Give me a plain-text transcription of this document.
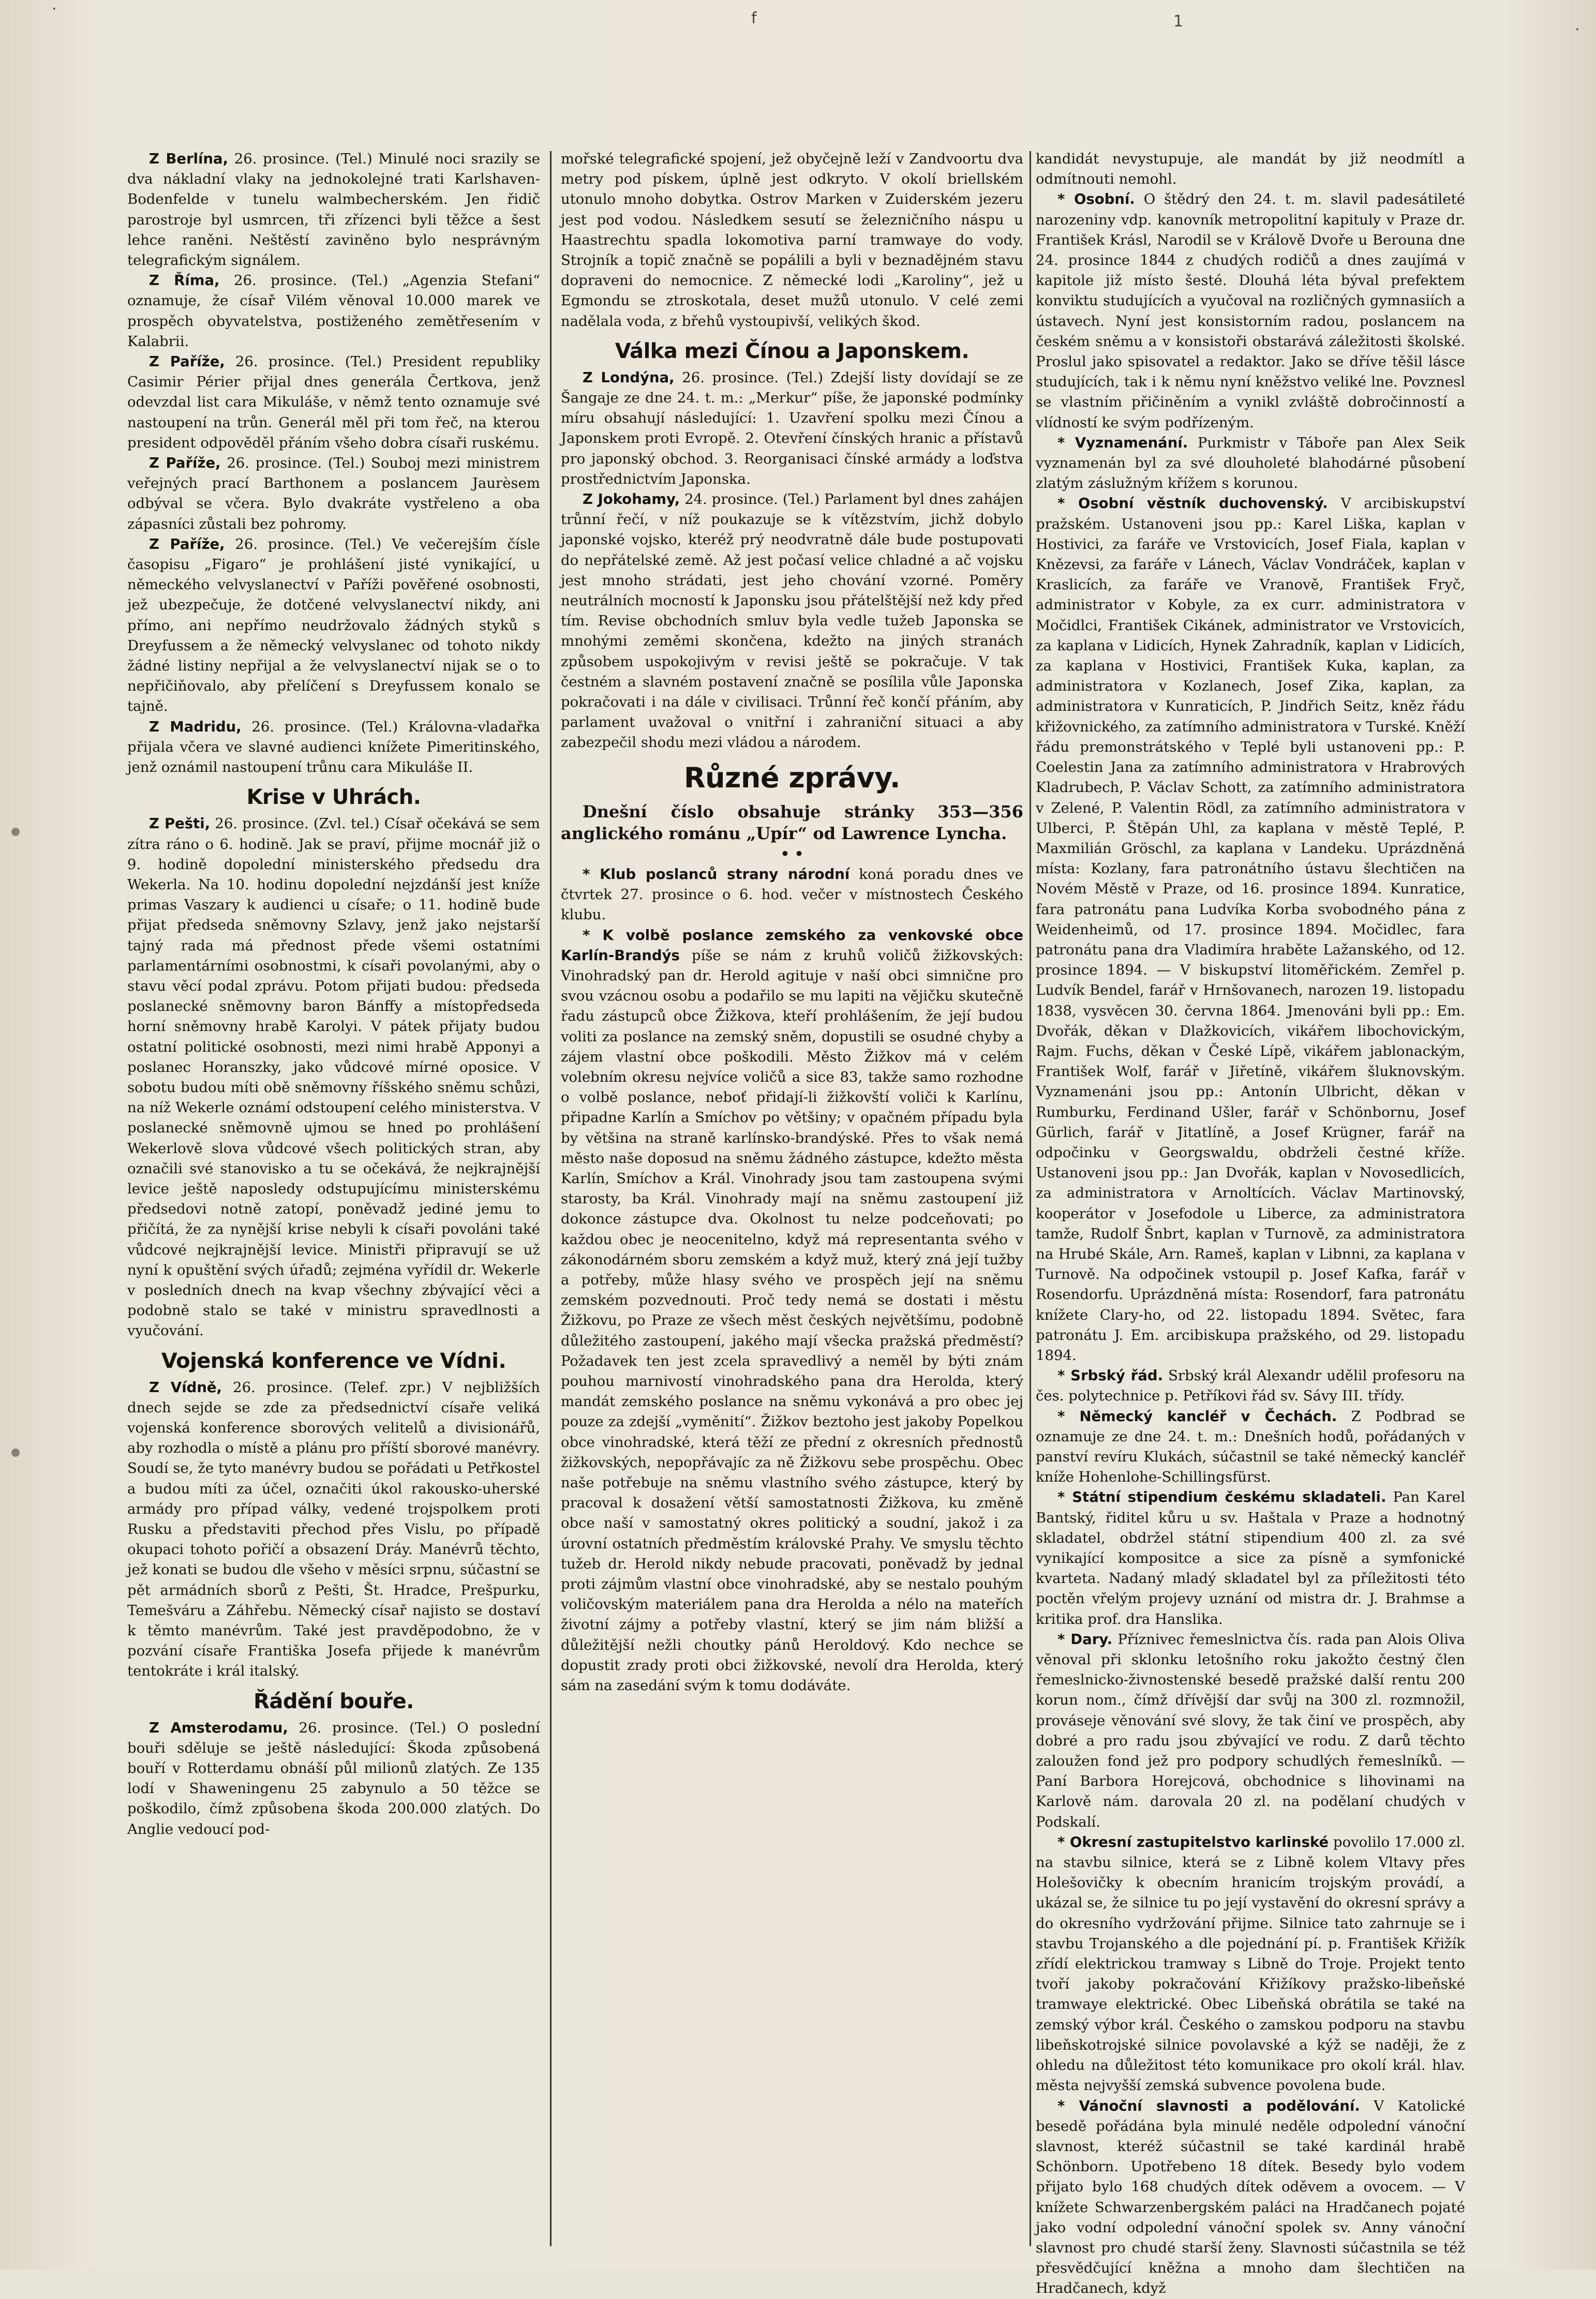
·
f	1	·

Z Berlína, 26. prosince. (Tel.) Minulé noci srazily se dva nákladní vlaky na jednokolejné trati Karlshaven-Bodenfelde v tunelu walmbecherském. Jen řidič parostroje byl usmrcen, tři zřízenci byli těžce a šest lehce raněni. Neštěstí zaviněno bylo nesprávným telegrafickým signálem.

Z Říma, 26. prosince. (Tel.) „Agenzia Stefani“ oznamuje, že císař Vilém věnoval 10.000 marek ve prospěch obyvatelstva, postiženého zemětřesením v Kalabrii.

Z Paříže, 26. prosince. (Tel.) President republiky Casimir Périer přijal dnes generála Čertkova, jenž odevzdal list cara Mikuláše, v němž tento oznamuje své nastoupení na trůn. Generál měl při tom řeč, na kterou president odpověděl přáním všeho dobra císaři ruskému.

Z Paříže, 26. prosince. (Tel.) Souboj mezi ministrem veřejných prací Barthonem a poslancem Jaurèsem odbýval se včera. Bylo dvakráte vystřeleno a oba zápasníci zůstali bez pohromy.

Z Paříže, 26. prosince. (Tel.) Ve večerejším čísle časopisu „Figaro“ je prohlášení jisté vynikající, u německého velvyslanectví v Paříži pověřené osobnosti, jež ubezpečuje, že dotčené velvyslanectví nikdy, ani přímo, ani nepřímo neudržovalo žádných styků s Dreyfussem a že německý velvyslanec od tohoto nikdy žádné listiny nepřijal a že velvyslanectví nijak se o to nepřičiňovalo, aby přelíčení s Dreyfussem konalo se tajně.

Z Madridu, 26. prosince. (Tel.) Královna-vladařka přijala včera ve slavné audienci knížete Pimeritinského, jenž oznámil nastoupení trůnu cara Mikuláše II.

Krise v Uhrách.

Z Pešti, 26. prosince. (Zvl. tel.) Císař očekává se sem zítra ráno o 6. hodině. Jak se praví, přijme mocnář již o 9. hodině dopolední ministerského předsedu dra Wekerla. Na 10. hodinu dopolední nejzdánší jest kníže primas Vaszary k audienci u císaře; o 11. hodině bude přijat předseda sněmovny Szlavy, jenž jako nejstarší tajný rada má přednost přede všemi ostatními parlamentárními osobnostmi, k císaři povolanými, aby o stavu věcí podal zprávu. Potom přijati budou: předseda poslanecké sněmovny baron Bánffy a místopředseda horní sněmovny hrabě Karolyi. V pátek přijaty budou ostatní politické osobnosti, mezi nimi hrabě Apponyi a poslanec Horanszky, jako vůdcové mírné oposice. V sobotu budou míti obě sněmovny říšského sněmu schůzi, na níž Wekerle oznámí odstoupení celého ministerstva. V poslanecké sněmovně ujmou se hned po prohlášení Wekerlově slova vůdcové všech politických stran, aby označili své stanovisko a tu se očekává, že nejkrajnější levice ještě naposledy odstupujícímu ministerskému předsedovi notně zatopí, poněvadž jediné jemu to přičítá, že za nynější krise nebyli k císaři povoláni také vůdcové nejkrajnější levice. Ministři připravují se už nyní k opuštění svých úřadů; zejména vyřídil dr. Wekerle v posledních dnech na kvap všechny zbývající věci a podobně stalo se také v ministru spravedlnosti a vyučování.

Vojenská konference ve Vídni.

Z Vídně, 26. prosince. (Telef. zpr.) V nejbližších dnech sejde se zde za předsednictví císaře veliká vojenská konference sborových velitelů a divisionářů, aby rozhodla o místě a plánu pro příští sborové manévry. Soudí se, že tyto manévry budou se pořádati u Petřkostel a budou míti za účel, označiti úkol rakousko-uherské armády pro případ války, vedené trojspolkem proti Rusku a představiti přechod přes Vislu, po případě okupaci tohoto pořičí a obsazení Dráy. Manévrů těchto, jež konati se budou dle všeho v měsíci srpnu, súčastní se pět armádních sborů z Pešti, Št. Hradce, Prešpurku, Temešváru a Záhřebu. Německý císař najisto se dostaví k těmto manévrům. Také jest pravděpodobno, že v pozvání císaře Františka Josefa přijede k manévrům tentokráte i král italský.

Řádění bouře.

Z Amsterodamu, 26. prosince. (Tel.) O poslední bouři sděluje se ještě následující: Škoda způsobená bouří v Rotterdamu obnáší půl milionů zlatých. Ze 135 lodí v Shaweningenu 25 zabynulo a 50 těžce se poškodilo, čímž způsobena škoda 200.000 zlatých. Do Anglie vedoucí pod-

mořské telegrafické spojení, jež obyčejně leží v Zandvoortu dva metry pod pískem, úplně jest odkryto. V okolí briellském utonulo mnoho dobytka. Ostrov Marken v Zuiderském jezeru jest pod vodou. Následkem sesutí se železničního náspu u Haastrechtu spadla lokomotiva parní tramwaye do vody. Strojník a topič značně se popálili a byli v beznadějném stavu dopraveni do nemocnice. Z německé lodi „Karoliny“, jež u Egmondu se ztroskotala, deset mužů utonulo. V celé zemi nadělala voda, z břehů vystoupivší, velikých škod.

Válka mezi Čínou a Japonskem.

Z Londýna, 26. prosince. (Tel.) Zdejší listy dovídají se ze Šangaje ze dne 24. t. m.: „Merkur“ píše, že japonské podmínky míru obsahují následující: 1. Uzavření spolku mezi Čínou a Japonskem proti Evropě. 2. Otevření čínských hranic a přístavů pro japonský obchod. 3. Reorganisaci čínské armády a loďstva prostřednictvím Japonska.

Z Jokohamy, 24. prosince. (Tel.) Parlament byl dnes zahájen trůnní řečí, v níž poukazuje se k vítězstvím, jichž dobylo japonské vojsko, kteréž prý neodvratně dále bude postupovati do nepřátelské země. Až jest počasí velice chladné a ač vojsku jest mnoho strádati, jest jeho chování vzorné. Poměry neutrálních mocností k Japonsku jsou přátelštější než kdy před tím. Revise obchodních smluv byla vedle tužeb Japonska se mnohými zeměmi skončena, kdežto na jiných stranách způsobem uspokojivým v revisi ještě se pokračuje. V tak čestném a slavném postavení značně se posílila vůle Japonska pokračovati i na dále v civilisaci. Trůnní řeč končí přáním, aby parlament uvažoval o vnitřní i zahraniční situaci a aby zabezpečil shodu mezi vládou a národem.

Různé zprávy.

Dnešní číslo obsahuje stránky 353—356 anglického románu „Upír“ od Lawrence Lyncha.

• •

* Klub poslanců strany národní koná poradu dnes ve čtvrtek 27. prosince o 6. hod. večer v místnostech Českého klubu.

* K volbě poslance zemského za venkovské obce Karlín-Brandýs píše se nám z kruhů voličů žižkovských: Vinohradský pan dr. Herold agituje v naší obci simnične pro svou vzácnou osobu a podařilo se mu lapiti na vějičku skutečně řadu zástupců obce Žižkova, kteří prohlášením, že její budou voliti za poslance na zemský sněm, dopustili se osudné chyby a zájem vlastní obce poškodili. Město Žižkov má v celém volebním okresu nejvíce voličů a sice 83, takže samo rozhodne o volbě poslance, neboť přidají-li žižkovští voliči k Karlínu, připadne Karlín a Smíchov po většiny; v opačném případu byla by většina na straně karlínsko-brandýské. Přes to však nemá město naše doposud na sněmu žádného zástupce, kdežto města Karlín, Smíchov a Král. Vinohrady jsou tam zastoupena svými starosty, ba Král. Vinohrady mají na sněmu zastoupení již dokonce zástupce dva. Okolnost tu nelze podceňovati; po každou obec je neocenitelno, když má representanta svého v zákonodárném sboru zemském a když muž, který zná její tužby a potřeby, může hlasy svého ve prospěch její na sněmu zemském pozvednouti. Proč tedy nemá se dostati i městu Žižkovu, po Praze ze všech měst českých největšímu, podobně důležitého zastoupení, jakého mají všecka pražská předměstí? Požadavek ten jest zcela spravedlivý a neměl by býti znám pouhou marnivostí vinohradského pana dra Herolda, který mandát zemského poslance na sněmu vykonává a pro obec jej pouze za zdejší „vyměnití“. Žižkov beztoho jest jakoby Popelkou obce vinohradské, která těží ze přední z okresních přednostů žižkovských, nepopřávajíc za ně Žižkovu sebe prospěchu. Obec naše potřebuje na sněmu vlastního svého zástupce, který by pracoval k dosažení větší samostatnosti Žižkova, ku změně obce naší v samostatný okres politický a soudní, jakož i za úrovní ostatních předměstím královské Prahy. Ve smyslu těchto tužeb dr. Herold nikdy nebude pracovati, poněvadž by jednal proti zájmům vlastní obce vinohradské, aby se nestalo pouhým voličovským materiálem pana dra Herolda a nélo na mateřích životní zájmy a potřeby vlastní, který se jim nám bližší a důležitější nežli choutky pánů Heroldový. Kdo nechce se dopustit zrady proti obci žižkovské, nevolí dra Herolda, který sám na zasedání svým k tomu dodáváte.

kandidát nevystupuje, ale mandát by již neodmítl a odmítnouti nemohl.

* Osobní. O štědrý den 24. t. m. slavil padesátileté narozeniny vdp. kanovník metropolitní kapituly v Praze dr. František Krásl, Narodil se v Králově Dvoře u Berouna dne 24. prosince 1844 z chudých rodičů a dnes zaujímá v kapitole již místo šesté. Dlouhá léta býval prefektem konviktu studujících a vyučoval na rozličných gymnasiích a ústavech. Nyní jest konsistorním radou, poslancem na českém sněmu a v konsistoři obstarává záležitosti školské. Proslul jako spisovatel a redaktor. Jako se dříve těšil lásce studujících, tak i k němu nyní kněžstvo veliké lne. Povznesl se vlastním přičiněním a vynikl zvláště dobročinností a vlídností ke svým podřízeným.

* Vyznamenání. Purkmistr v Táboře pan Alex Seik vyznamenán byl za své dlouholeté blahodárné působení zlatým záslužným křížem s korunou.

* Osobní věstník duchovenský. V arcibiskupství pražském. Ustanoveni jsou pp.: Karel Liška, kaplan v Hostivici, za faráře ve Vrstovicích, Josef Fiala, kaplan v Knězevsi, za faráře v Lánech, Václav Vondráček, kaplan v Kraslicích, za faráře ve Vranově, František Fryč, administrator v Kobyle, za ex curr. administratora v Močidlci, František Cikánek, administrator ve Vrstovicích, za kaplana v Lidicích, Hynek Zahradník, kaplan v Lidicích, za kaplana v Hostivici, František Kuka, kaplan, za administratora v Kozlanech, Josef Zika, kaplan, za administratora v Kunraticích, P. Jindřich Seitz, kněz řádu křižovnického, za zatímního administratora v Turské. Kněží řádu premonstrátského v Teplé byli ustanoveni pp.: P. Coelestin Jana za zatímního administratora v Hrabrových Kladrubech, P. Václav Schott, za zatímního administratora v Zelené, P. Valentin Rödl, za zatímního administratora v Ulberci, P. Štěpán Uhl, za kaplana v městě Teplé, P. Maxmilián Gröschl, za kaplana v Landeku. Uprázdněná místa: Kozlany, fara patronátního ústavu šlechtičen na Novém Městě v Praze, od 16. prosince 1894. Kunratice, fara patronátu pana Ludvíka Korba svobodného pána z Weidenheimů, od 17. prosince 1894. Močidlec, fara patronátu pana dra Vladimíra hraběte Lažanského, od 12. prosince 1894. — V biskupství litoměřickém. Zemřel p. Ludvík Bendel, farář v Hrnšovanech, narozen 19. listopadu 1838, vysvěcen 30. června 1864. Jmenováni byli pp.: Em. Dvořák, děkan v Dlažkovicích, vikářem libochovickým, Rajm. Fuchs, děkan v České Lípě, vikářem jablonackým, František Wolf, farář v Jiřetíně, vikářem šluknovským. Vyznamenáni jsou pp.: Antonín Ulbricht, děkan v Rumburku, Ferdinand Ušler, farář v Schönbornu, Josef Gürlich, farář v Jitatlíně, a Josef Krügner, farář na odpočinku v Georgswaldu, obdrželi čestné kříže. Ustanoveni jsou pp.: Jan Dvořák, kaplan v Novosedlicích, za administratora v Arnoltících. Václav Martinovský, kooperátor v Josefodole u Liberce, za administratora tamže, Rudolf Šnbrt, kaplan v Turnově, za administratora na Hrubé Skále, Arn. Rameš, kaplan v Libnni, za kaplana v Turnově. Na odpočinek vstoupil p. Josef Kafka, farář v Rosendorfu. Uprázdněná místa: Rosendorf, fara patronátu knížete Clary-ho, od 22. listopadu 1894. Světec, fara patronátu J. Em. arcibiskupa pražského, od 29. listopadu 1894.

* Srbský řád. Srbský král Alexandr udělil profesoru na čes. polytechnice p. Petříkovi řád sv. Sávy III. třídy.

* Německý kancléř v Čechách. Z Podbrad se oznamuje ze dne 24. t. m.: Dnešních hodů, pořádaných v panství revíru Klukách, súčastnil se také německý kancléř kníže Hohenlohe-Schillingsfürst.

* Státní stipendium českému skladateli. Pan Karel Bantský, řiditel kůru u sv. Haštala v Praze a hodnotný skladatel, obdržel státní stipendium 400 zl. za své vynikající kompositce a sice za písně a symfonické kvarteta. Nadaný mladý skladatel byl za příležitosti této poctěn vřelým projevy uznání od mistra dr. J. Brahmse a kritika prof. dra Hanslika.

* Dary. Příznivec řemeslnictva čís. rada pan Alois Oliva věnoval při sklonku letošního roku jakožto čestný člen řemeslnicko-živnostenské besedě pražské další rentu 200 korun nom., čímž dřívější dar svůj na 300 zl. rozmnožil, prováseje věnování své slovy, že tak činí ve prospěch, aby dobré a pro radu jsou zbývající ve rodu. Z darů těchto zaloužen fond jež pro podpory schudlých řemeslníků. — Paní Barbora Horejcová, obchodnice s lihovinami na Karlově nám. darovala 20 zl. na podělaní chudých v Podskalí.

* Okresní zastupitelstvo karlinské povolilo 17.000 zl. na stavbu silnice, která se z Libně kolem Vltavy přes Holešovičky k obecním hranicím trojským provádí, a ukázal se, že silnice tu po její vystavění do okresní správy a do okresního vydržování přijme. Silnice tato zahrnuje se i stavbu Trojanského a dle pojednání pí. p. František Křižík zřídí elektrickou tramway s Libně do Troje. Projekt tento tvoří jakoby pokračování Křižíkovy pražsko-libeňské tramwaye elektrické. Obec Libeňská obrátila se také na zemský výbor král. Českého o zamskou podporu na stavbu libeňskotrojské silnice povolavské a kýž se naději, že z ohledu na důležitost této komunikace pro okolí král. hlav. města nejvyšší zemská subvence povolena bude.

* Vánoční slavnosti a podělování. V Katolické besedě pořádána byla minulé neděle odpolední vánoční slavnost, kteréž súčastnil se také kardinál hrabě Schönborn. Upotřebeno 18 dítek. Besedy bylo vodem přijato bylo 168 chudých dítek oděvem a ovocem. — V knížete Schwarzenbergském paláci na Hradčanech pojaté jako vodní odpolední vánoční spolek sv. Anny vánoční slavnost pro chudé starší ženy. Slavnosti súčastnila se též přesvědčující kněžna a mnoho dam šlechtičen na Hradčanech, když
